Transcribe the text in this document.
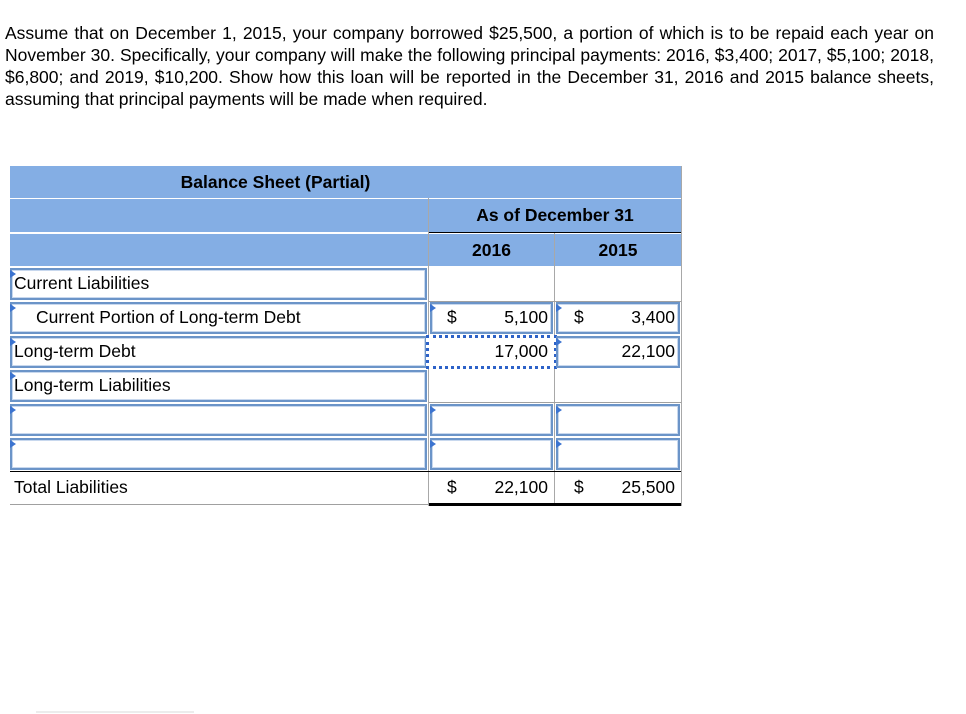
Assume that on December 1, 2015, your company borrowed $25,500, a portion of which is to be repaid each year on November 30. Specifically, your company will make the following principal payments: 2016, $3,400; 2017, $5,100; 2018, $6,800; and 2019, $10,200. Show how this loan will be reported in the December 31, 2016 and 2015 balance sheets, assuming that principal payments will be made when required.

Balance Sheet (Partial)
As of December 31
2016	2015
Current Liabilities
Current Portion of Long-term Debt	$	5,100 $	3,400
Long-term Debt	17,000	22,100
Long-term Liabilities
Total Liabilities	$	22,100 $	25,500
